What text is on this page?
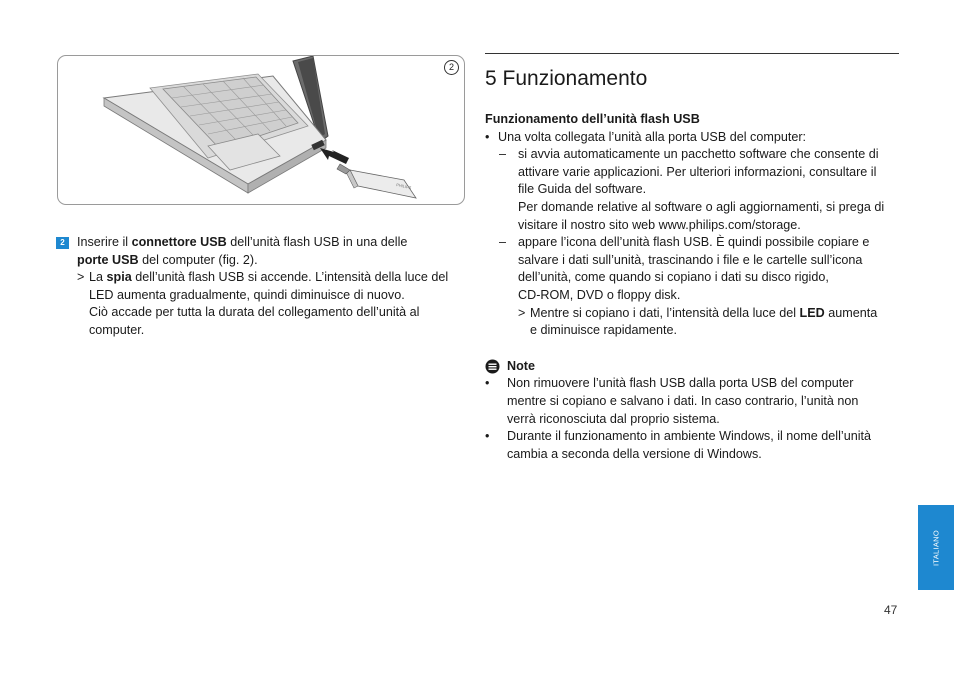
PHILIPS
2

2 Inserire il connettore USB dell’unità flash USB in una delle

porte USB del computer (fig. 2).

> La spia dell’unità flash USB si accende. L’intensità della luce del
LED aumenta gradualmente, quindi diminuisce di nuovo.
Ciò accade per tutta la durata del collegamento dell’unità al
computer.
5 Funzionamento

Funzionamento dell’unità flash USB

• Una volta collegata l’unità alla porta USB del computer:

– si avvia automaticamente un pacchetto software che consente di

attivare varie applicazioni. Per ulteriori informazioni, consultare il

file Guida del software.

Per domande relative al software o agli aggiornamenti, si prega di

visitare il nostro sito web www.philips.com/storage.

– appare l’icona dell’unità flash USB. È quindi possibile copiare e

salvare i dati sull’unità, trascinando i file e le cartelle sull’icona

dell’unità, come quando si copiano i dati su disco rigido,

CD-ROM, DVD o floppy disk.

> Mentre si copiano i dati, l’intensità della luce del LED aumenta

e diminuisce rapidamente.

Note

• Non rimuovere l’unità flash USB dalla porta USB del computer

mentre si copiano e salvano i dati. In caso contrario, l’unità non

verrà riconosciuta dal proprio sistema.

• Durante il funzionamento in ambiente Windows, il nome dell’unità

cambia a seconda della versione di Windows.

ITALIANO
47
